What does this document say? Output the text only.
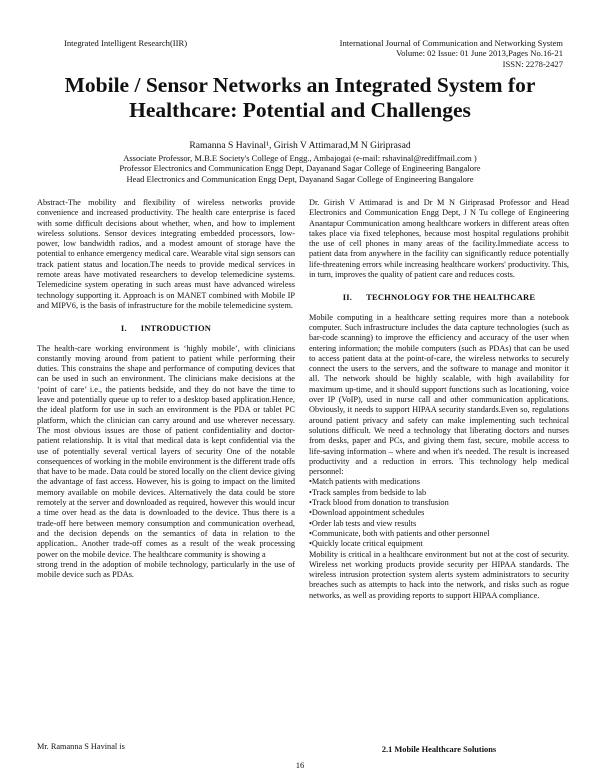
Integrated Intelligent Research(IIR)	International Journal of Communication and Networking System
Volume: 02 Issue: 01 June 2013,Pages No.16-21
ISSN: 2278-2427
Mobile / Sensor Networks an Integrated System for
Healthcare: Potential and Challenges
Ramanna S Havinal¹, Girish V Attimarad,M N Giriprasad
Associate Professor, M.B.E Society's College of Engg., Ambajogai (e-mail: rshavinal@rediffmail.com )
Professor Electronics and Communication Engg Dept, Dayanand Sagar College of Engineering Bangalore
Head Electronics and Communication Engg Dept, Dayanand Sagar College of Engineering Bangalore

Abstract-The mobility and flexibility of wireless networks provide convenience and increased productivity. The health care enterprise is faced with some difficult decisions about whether, when, and how to implement wireless solutions. Sensor devices integrating embedded processors, low-power, low bandwidth radios, and a modest amount of storage have the potential to enhance emergency medical care. Wearable vital sign sensors can track patient status and location.The needs to provide medical services in remote areas have motivated researchers to develop telemedicine systems. Telemedicine system operating in such areas must have advanced wireless technology supporting it. Approach is on MANET combined with Mobile IP and MIPV6, is the basis of infrastructure for the mobile telemedicine system.

I. INTRODUCTION

The health-care working environment is ‘highly mobile’, with clinicians constantly moving around from patient to patient while performing their duties. This constrains the shape and performance of computing devices that can be used in such an environment. The clinicians make decisions at the ‘point of care’ i.e., the patients bedside, and they do not have the time to leave and potentially queue up to refer to a desktop based application.Hence, the ideal platform for use in such an environment is the PDA or tablet PC platform, which the clinician can carry around and use wherever necessary. The most obvious issues are those of patient confidentiality and doctor-patient relationship. It is vital that medical data is kept confidential via the use of potentially several vertical layers of security One of the notable consequences of working in the mobile environment is the different trade offs that have to be made. Data could be stored locally on the client device giving the advantage of fast access. However, his is going to impact on the limited memory available on mobile devices. Alternatively the data could be store remotely at the server and downloaded as required, however this would incur a time over head as the data is downloaded to the device. Thus there is a trade-off here between memory consumption and communication overhead, and the decision depends on the semantics of data in relation to the application.. Another trade-off comes as a result of the weak processing power on the mobile device. The healthcare community is showing a

strong trend in the adoption of mobile technology, particularly in the use of mobile device such as PDAs.

Dr. Girish V Attimarad is and Dr M N Giriprasad Professor and Head Electronics and Communication Engg Dept, J N Tu college of Engineering Anantapur Communication among healthcare workers in different areas often takes place via fixed telephones, because most hospital regulations prohibit the use of cell phones in many areas of the facility.Immediate access to patient data from anywhere in the facility can significantly reduce potentially life-threatening errors while increasing healthcare workers' productivity. This, in turn, improves the quality of patient care and reduces costs.

II. TECHNOLOGY FOR THE HEALTHCARE

Mobile computing in a healthcare setting requires more than a notebook computer. Such infrastructure includes the data capture technologies (such as bar-code scanning) to improve the efficiency and accuracy of the user when entering information; the mobile computers (such as PDAs) that can be used to access patient data at the point-of-care, the wireless networks to securely connect the users to the servers, and the software to manage and monitor it all. The network should be highly scalable, with high availability for maximum up-time, and it should support functions such as locationing, voice over IP (VoIP), used in nurse call and other communication applications. Obviously, it needs to support HIPAA security standards.Even so, regulations around patient privacy and safety can make implementing such technical solutions difficult. We need a technology that liberating doctors and nurses from desks, paper and PCs, and giving them fast, secure, mobile access to life-saving information – where and when it's needed. The result is increased productivity and a reduction in errors. This technology help medical personnel:

• Match patients with medications
• Track samples from bedside to lab
• Track blood from donation to transfusion
• Download appointment schedules
• Order lab tests and view results
• Communicate, both with patients and other personnel
• Quickly locate critical equipment

Mobility is critical in a healthcare environment but not at the cost of security. Wireless net working products provide security per HIPAA standards. The wireless intrusion protection system alerts system administrators to security breaches such as attempts to hack into the network, and risks such as rogue networks, as well as providing reports to support HIPAA compliance.

Mr. Ramanna S Havinal is	2.1 Mobile Healthcare Solutions
16
